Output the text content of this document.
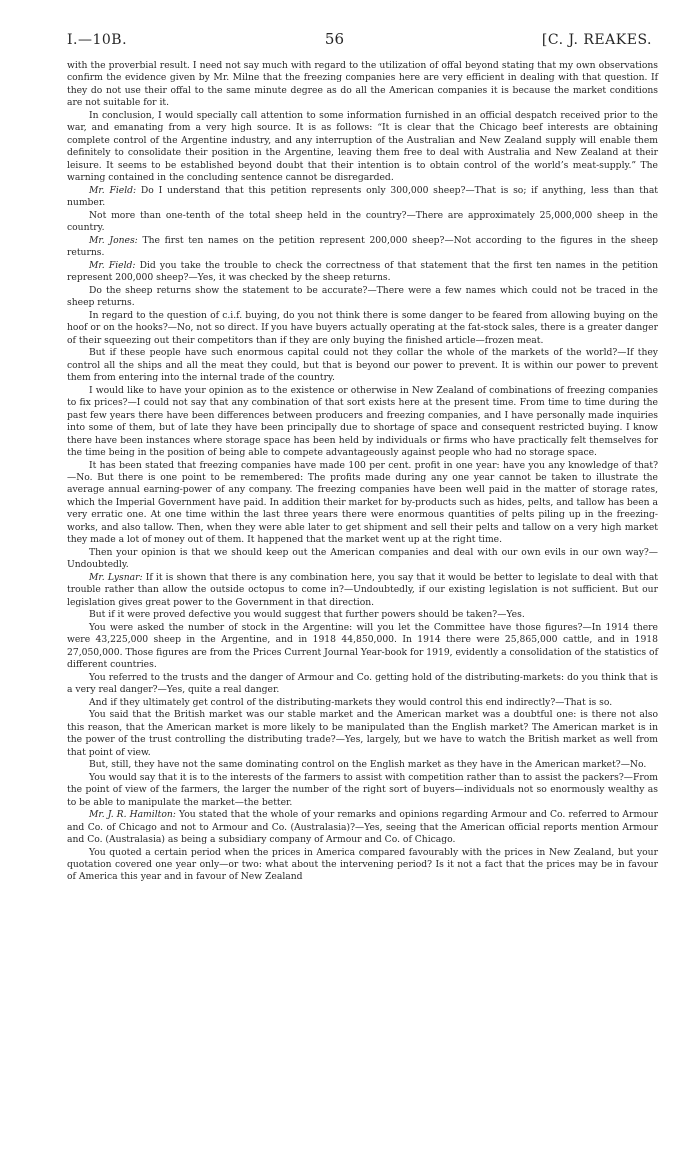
I.—10B.	56	[C. J. REAKES.

with the proverbial result. I need not say much with regard to the utilization of offal beyond stating that my own observations confirm the evidence given by Mr. Milne that the freezing companies here are very efficient in dealing with that question. If they do not use their offal to the same minute degree as do all the American companies it is because the market conditions are not suitable for it.

In conclusion, I would specially call attention to some information furnished in an official despatch received prior to the war, and emanating from a very high source. It is as follows: “It is clear that the Chicago beef interests are obtaining complete control of the Argentine industry, and any interruption of the Australian and New Zealand supply will enable them definitely to consolidate their position in the Argentine, leaving them free to deal with Australia and New Zealand at their leisure. It seems to be established beyond doubt that their intention is to obtain control of the world’s meat-supply.” The warning contained in the concluding sentence cannot be disregarded.

Mr. Field: Do I understand that this petition represents only 300,000 sheep?—That is so; if anything, less than that number.

Not more than one-tenth of the total sheep held in the country?—There are approximately 25,000,000 sheep in the country.

Mr. Jones: The first ten names on the petition represent 200,000 sheep?—Not according to the figures in the sheep returns.

Mr. Field: Did you take the trouble to check the correctness of that statement that the first ten names in the petition represent 200,000 sheep?—Yes, it was checked by the sheep returns.

Do the sheep returns show the statement to be accurate?—There were a few names which could not be traced in the sheep returns.

In regard to the question of c.i.f. buying, do you not think there is some danger to be feared from allowing buying on the hoof or on the hooks?—No, not so direct. If you have buyers actually operating at the fat-stock sales, there is a greater danger of their squeezing out their competitors than if they are only buying the finished article—frozen meat.

But if these people have such enormous capital could not they collar the whole of the markets of the world?—If they control all the ships and all the meat they could, but that is beyond our power to prevent. It is within our power to prevent them from entering into the internal trade of the country.

I would like to have your opinion as to the existence or otherwise in New Zealand of combinations of freezing companies to fix prices?—I could not say that any combination of that sort exists here at the present time. From time to time during the past few years there have been differences between producers and freezing companies, and I have personally made inquiries into some of them, but of late they have been principally due to shortage of space and consequent restricted buying. I know there have been instances where storage space has been held by individuals or firms who have practically felt themselves for the time being in the position of being able to compete advantageously against people who had no storage space.

It has been stated that freezing companies have made 100 per cent. profit in one year: have you any knowledge of that?—No. But there is one point to be remembered: The profits made during any one year cannot be taken to illustrate the average annual earning-power of any company. The freezing companies have been well paid in the matter of storage rates, which the Imperial Government have paid. In addition their market for by-products such as hides, pelts, and tallow has been a very erratic one. At one time within the last three years there were enormous quantities of pelts piling up in the freezing-works, and also tallow. Then, when they were able later to get shipment and sell their pelts and tallow on a very high market they made a lot of money out of them. It happened that the market went up at the right time.

Then your opinion is that we should keep out the American companies and deal with our own evils in our own way?—Undoubtedly.

Mr. Lysnar: If it is shown that there is any combination here, you say that it would be better to legislate to deal with that trouble rather than allow the outside octopus to come in?—Undoubtedly, if our existing legislation is not sufficient. But our legislation gives great power to the Government in that direction.

But if it were proved defective you would suggest that further powers should be taken?—Yes.

You were asked the number of stock in the Argentine: will you let the Committee have those figures?—In 1914 there were 43,225,000 sheep in the Argentine, and in 1918 44,850,000. In 1914 there were 25,865,000 cattle, and in 1918 27,050,000. Those figures are from the Prices Current Journal Year-book for 1919, evidently a consolidation of the statistics of different countries.

You referred to the trusts and the danger of Armour and Co. getting hold of the distributing-markets: do you think that is a very real danger?—Yes, quite a real danger.

And if they ultimately get control of the distributing-markets they would control this end indirectly?—That is so.

You said that the British market was our stable market and the American market was a doubtful one: is there not also this reason, that the American market is more likely to be manipulated than the English market? The American market is in the power of the trust controlling the distributing trade?—Yes, largely, but we have to watch the British market as well from that point of view.

But, still, they have not the same dominating control on the English market as they have in the American market?—No.

You would say that it is to the interests of the farmers to assist with competition rather than to assist the packers?—From the point of view of the farmers, the larger the number of the right sort of buyers—individuals not so enormously wealthy as to be able to manipulate the market—the better.

Mr. J. R. Hamilton: You stated that the whole of your remarks and opinions regarding Armour and Co. referred to Armour and Co. of Chicago and not to Armour and Co. (Australasia)?—Yes, seeing that the American official reports mention Armour and Co. (Australasia) as being a subsidiary company of Armour and Co. of Chicago.

You quoted a certain period when the prices in America compared favourably with the prices in New Zealand, but your quotation covered one year only—or two: what about the intervening period? Is it not a fact that the prices may be in favour of America this year and in favour of New Zealand
